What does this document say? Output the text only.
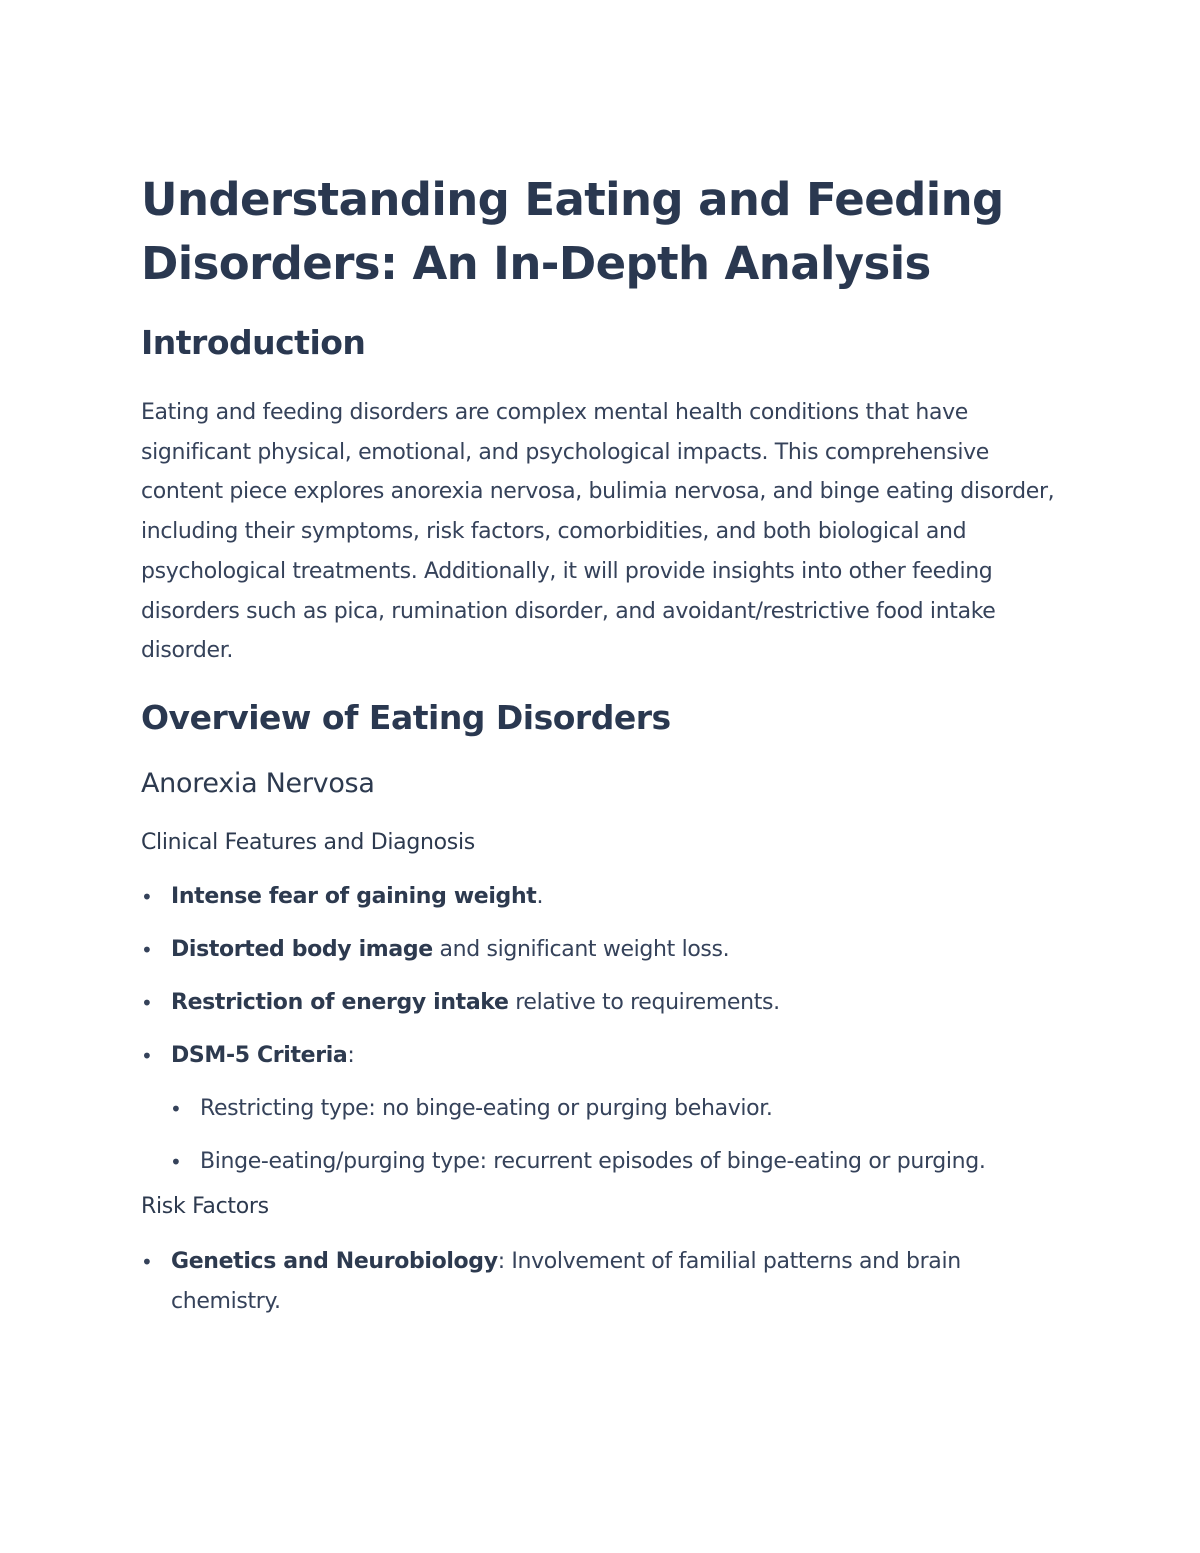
Understanding Eating and Feeding Disorders: An In-Depth Analysis
Introduction

Eating and feeding disorders are complex mental health conditions that have significant physical, emotional, and psychological impacts. This comprehensive content piece explores anorexia nervosa, bulimia nervosa, and binge eating disorder, including their symptoms, risk factors, comorbidities, and both biological and psychological treatments. Additionally, it will provide insights into other feeding disorders such as pica, rumination disorder, and avoidant/restrictive food intake disorder.

Overview of Eating Disorders
Anorexia Nervosa
Clinical Features and Diagnosis
• Intense fear of gaining weight.
• Distorted body image and significant weight loss.
• Restriction of energy intake relative to requirements.
• DSM-5 Criteria:
• Restricting type: no binge-eating or purging behavior.
• Binge-eating/purging type: recurrent episodes of binge-eating or purging.
Risk Factors
• Genetics and Neurobiology: Involvement of familial patterns and brain chemistry.
